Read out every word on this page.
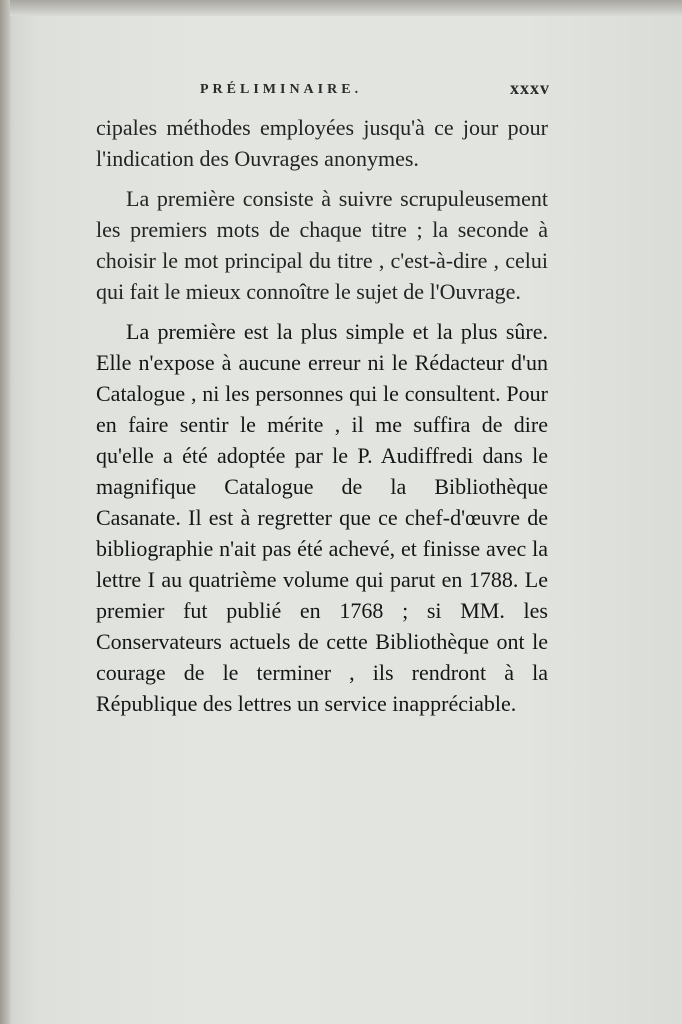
PRÉLIMINAIRE.	xxxv

cipales méthodes employées jusqu'à ce jour pour l'indication des Ouvrages anonymes.

La première consiste à suivre scrupuleusement les premiers mots de chaque titre ; la seconde à choisir le mot principal du titre , c'est-à-dire , celui qui fait le mieux connoître le sujet de l'Ouvrage.

La première est la plus simple et la plus sûre. Elle n'expose à aucune erreur ni le Rédacteur d'un Catalogue , ni les personnes qui le consultent. Pour en faire sentir le mérite , il me suffira de dire qu'elle a été adoptée par le P. Audiffredi dans le magnifique Catalogue de la Bibliothèque Casanate. Il est à regretter que ce chef-d'œuvre de bibliographie n'ait pas été achevé, et finisse avec la lettre I au quatrième volume qui parut en 1788. Le premier fut publié en 1768 ; si MM. les Conservateurs actuels de cette Bibliothèque ont le courage de le terminer , ils rendront à la République des lettres un service inappréciable.
